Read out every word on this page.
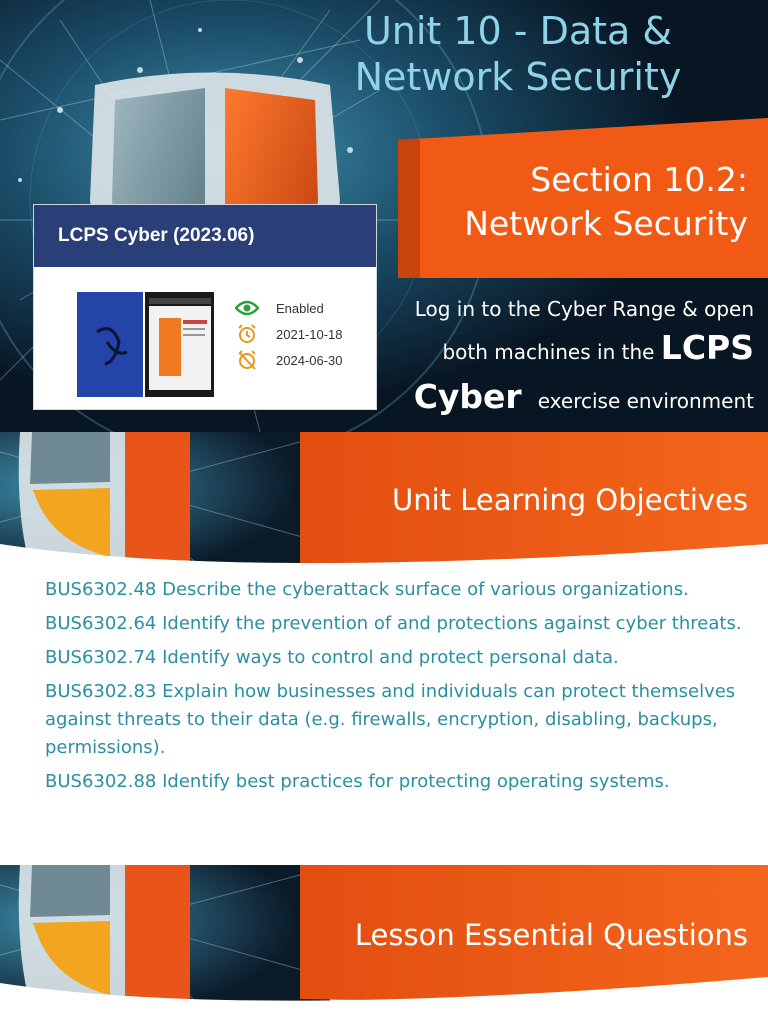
Unit 10 - Data &
Network Security
Section 10.2:
Network Security
Log in to the Cyber Range & open
both machines in the LCPS
Cyber exercise environment
LCPS Cyber (2023.06)
Enabled
2021-10-18
2024-06-30
Unit Learning Objectives
BUS6302.48 Describe the cyberattack surface of various organizations.
BUS6302.64 Identify the prevention of and protections against cyber threats.
BUS6302.74 Identify ways to control and protect personal data.
BUS6302.83 Explain how businesses and individuals can protect themselves against threats to their data (e.g. firewalls, encryption, disabling, backups, permissions).
BUS6302.88 Identify best practices for protecting operating systems.
Lesson Essential Questions
